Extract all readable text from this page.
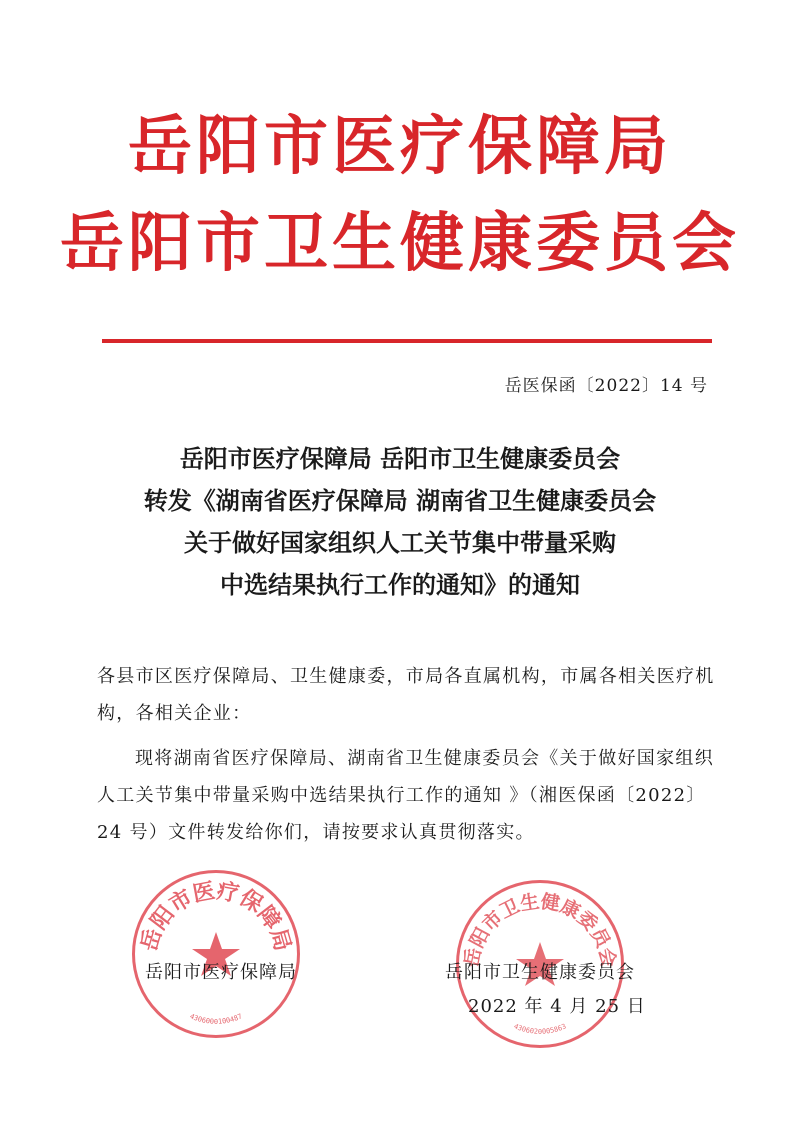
岳阳市医疗保障局
岳阳市卫生健康委员会
岳医保函〔2022〕14 号
岳阳市医疗保障局 岳阳市卫生健康委员会
转发《湖南省医疗保障局 湖南省卫生健康委员会
关于做好国家组织人工关节集中带量采购
中选结果执行工作的通知》的通知
各县市区医疗保障局、卫生健康委，市局各直属机构，市属各相关医疗机构，各相关企业：
现将湖南省医疗保障局、湖南省卫生健康委员会《关于做好国家组织人工关节集中带量采购中选结果执行工作的通知 》（湘医保函〔2022〕24 号）文件转发给你们，请按要求认真贯彻落实。
岳阳市医疗保障局
4306000100487
岳阳市卫生健康委员会
4306020005863
岳阳市医疗保障局	岳阳市卫生健康委员会
2022 年 4 月 25 日
